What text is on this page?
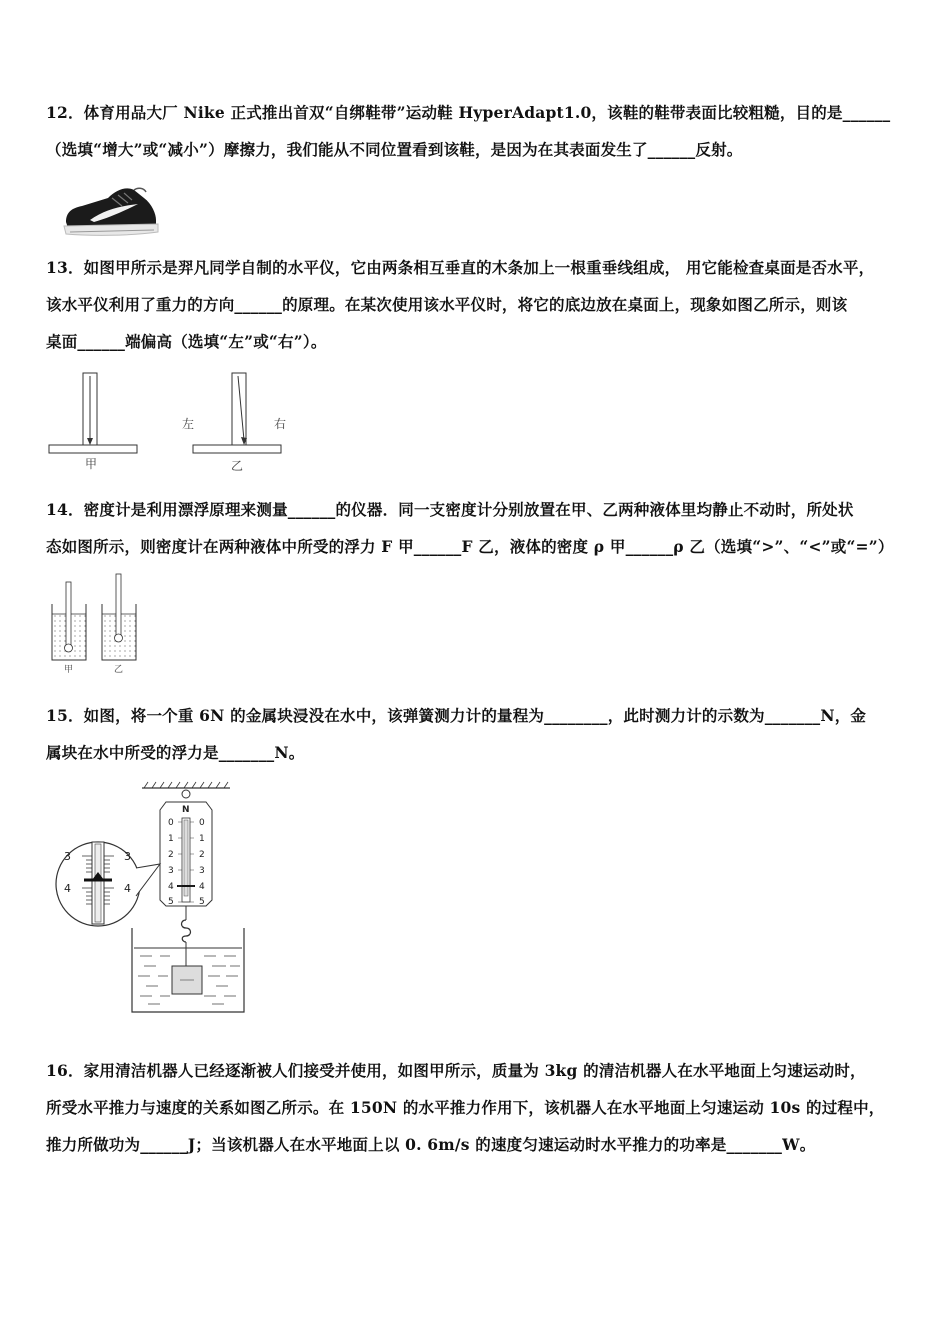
12．体育用品大厂 Nike 正式推出首双“自绑鞋带”运动鞋 HyperAdapt1.0，该鞋的鞋带表面比较粗糙，目的是______

（选填“增大”或“减小”）摩擦力，我们能从不同位置看到该鞋，是因为在其表面发生了______反射。

13．如图甲所示是羿凡同学自制的水平仪，它由两条相互垂直的木条加上一根重垂线组成， 用它能检查桌面是否水平，

该水平仪利用了重力的方向______的原理。在某次使用该水平仪时，将它的底边放在桌面上，现象如图乙所示，则该

桌面______端偏高（选填“左”或“右”）。

甲
左	右
乙

14．密度计是利用漂浮原理来测量______的仪器．同一支密度计分别放置在甲、乙两种液体里均静止不动时，所处状

态如图所示，则密度计在两种液体中所受的浮力 F 甲______F 乙，液体的密度 ρ 甲______ρ 乙（选填“>”、“<”或“=”）

甲	乙

15．如图，将一个重 6N 的金属块浸没在水中，该弹簧测力计的量程为________，此时测力计的示数为_______N，金

属块在水中所受的浮力是_______N。

N
0
1
2
3
4
5
0
1
2
3
4
5
3
4
3
4

16．家用清洁机器人已经逐渐被人们接受并使用，如图甲所示，质量为 3kg 的清洁机器人在水平地面上匀速运动时，

所受水平推力与速度的关系如图乙所示。在 150N 的水平推力作用下，该机器人在水平地面上匀速运动 10s 的过程中，

推力所做功为______J；当该机器人在水平地面上以 0. 6m/s 的速度匀速运动时水平推力的功率是_______W。
